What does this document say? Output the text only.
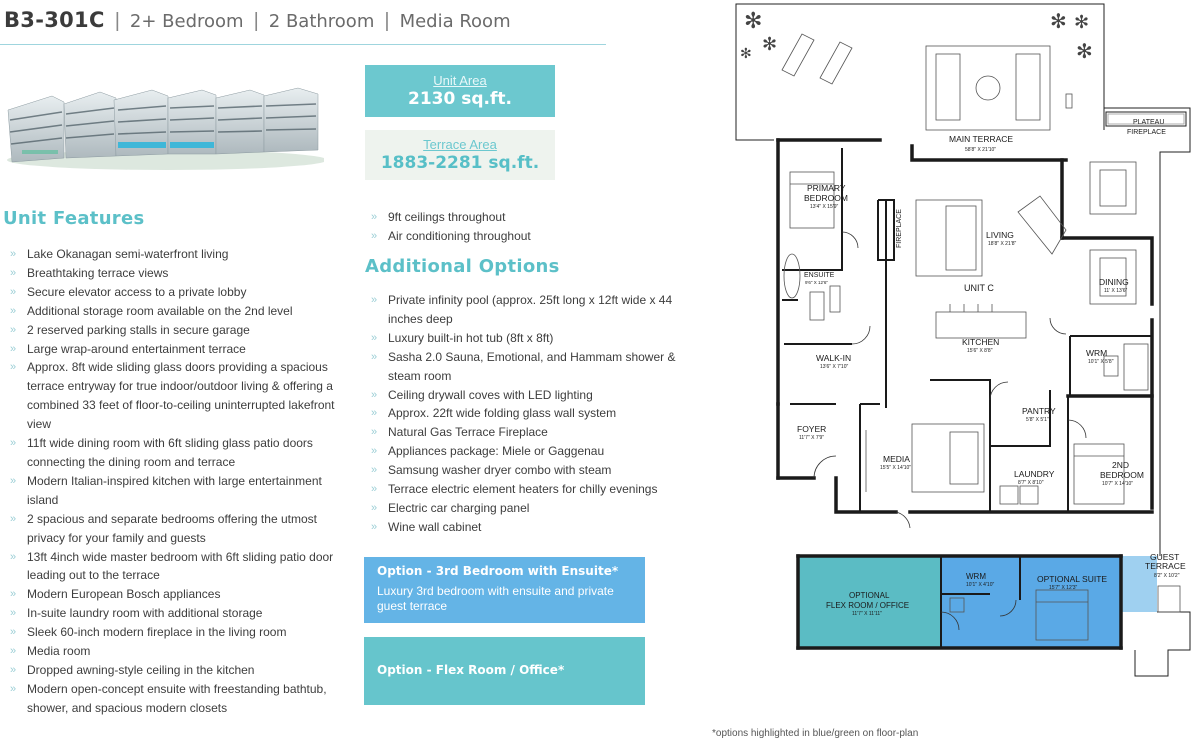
B3-301C | 2+ Bedroom | 2 Bathroom | Media Room
Unit Area
2130 sq.ft.
Terrace Area
1883-2281 sq.ft.
Unit Features
» Lake Okanagan semi-waterfront living
» Breathtaking terrace views
» Secure elevator access to a private lobby
» Additional storage room available on the 2nd level
» 2 reserved parking stalls in secure garage
» Large wrap-around entertainment terrace
» Approx. 8ft wide sliding glass doors providing a spacious terrace entryway for true indoor/outdoor living & offering a combined 33 feet of floor-to-ceiling uninterrupted lakefront view
» 11ft wide dining room with 6ft sliding glass patio doors connecting the dining room and terrace
» Modern Italian-inspired kitchen with large entertainment island
» 2 spacious and separate bedrooms offering the utmost privacy for your family and guests
» 13ft 4inch wide master bedroom with 6ft sliding patio door leading out to the terrace
» Modern European Bosch appliances
» In-suite laundry room with additional storage
» Sleek 60-inch modern fireplace in the living room
» Media room
» Dropped awning-style ceiling in the kitchen
» Modern open-concept ensuite with freestanding bathtub, shower, and spacious modern closets
» 9ft ceilings throughout
» Air conditioning throughout
Additional Options
» Private infinity pool (approx. 25ft long x 12ft wide x 44 inches deep
» Luxury built-in hot tub (8ft x 8ft)
» Sasha 2.0 Sauna, Emotional, and Hammam shower & steam room
» Ceiling drywall coves with LED lighting
» Approx. 22ft wide folding glass wall system
» Natural Gas Terrace Fireplace
» Appliances package: Miele or Gaggenau
» Samsung washer dryer combo with steam
» Terrace electric element heaters for chilly evenings
» Electric car charging panel
» Wine wall cabinet
Option - 3rd Bedroom with Ensuite*
Luxury 3rd bedroom with ensuite and private guest terrace
Option - Flex Room / Office*
✻
✻
✻
✻ ✻
✻
MAIN TERRACE
58'8" X 21'10"
PLATEAU
FIREPLACE
PRIMARY
BEDROOM
13'4" X 15'9"
ENSUITE
9'6" X 12'6"
FIREPLACE	LIVING
18'8" X 21'8"
DINING
11' X 13'6"
UNIT C
KITCHEN
15'6" X 8'8"
WALK-IN
13'6" X 7'10"
WRM
10'1" X 5'8"
FOYER
11'7" X 7'9"
PANTRY
5'8" X 5'1"
MEDIA
15'5" X 14'10"
LAUNDRY
8'7" X 8'10"
2ND
BEDROOM
10'7" X 14'10"
GUEST
TERRACE
8'2" X 10'2"
OPTIONAL
FLEX ROOM / OFFICE
11'7" X 11'11"
WRM
10'1" X 4'10"
OPTIONAL SUITE
15'7" X 12'3"
*options highlighted in blue/green on floor-plan
